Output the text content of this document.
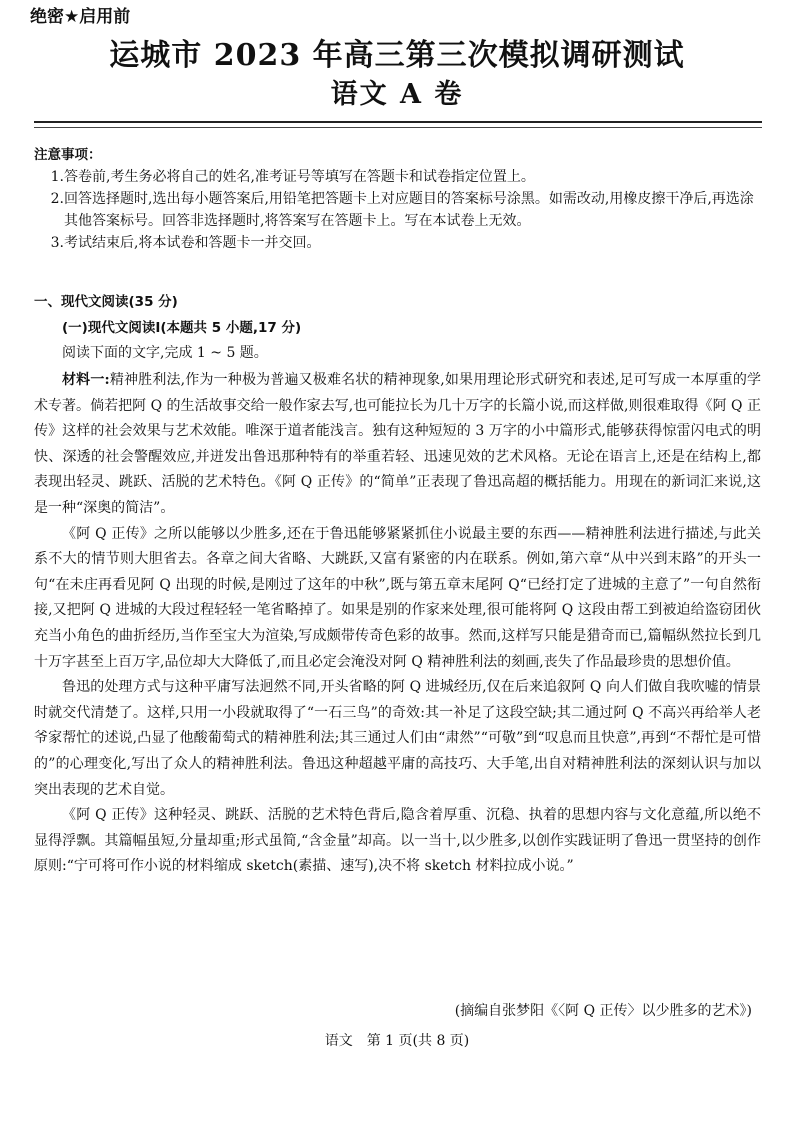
绝密★启用前
运城市 2023 年高三第三次模拟调研测试
语文 A 卷
注意事项：
1.答卷前,考生务必将自己的姓名,准考证号等填写在答题卡和试卷指定位置上。
2.回答选择题时,选出每小题答案后,用铅笔把答题卡上对应题目的答案标号涂黑。如需改动,用橡皮擦干净后,再选涂其他答案标号。回答非选择题时,将答案写在答题卡上。写在本试卷上无效。
3.考试结束后,将本试卷和答题卡一并交回。
一、现代文阅读(35 分)
(一)现代文阅读Ⅰ(本题共 5 小题,17 分)
阅读下面的文字,完成 1 ~ 5 题。

材料一:精神胜利法,作为一种极为普遍又极难名状的精神现象,如果用理论形式研究和表述,足可写成一本厚重的学术专著。倘若把阿 Q 的生活故事交给一般作家去写,也可能拉长为几十万字的长篇小说,而这样做,则很难取得《阿 Q 正传》这样的社会效果与艺术效能。唯深于道者能浅言。独有这种短短的 3 万字的小中篇形式,能够获得惊雷闪电式的明快、深透的社会警醒效应,并迸发出鲁迅那种特有的举重若轻、迅速见效的艺术风格。无论在语言上,还是在结构上,都表现出轻灵、跳跃、活脱的艺术特色。《阿 Q 正传》的“简单”正表现了鲁迅高超的概括能力。用现在的新词汇来说,这是一种“深奥的简洁”。

《阿 Q 正传》之所以能够以少胜多,还在于鲁迅能够紧紧抓住小说最主要的东西——精神胜利法进行描述,与此关系不大的情节则大胆省去。各章之间大省略、大跳跃,又富有紧密的内在联系。例如,第六章“从中兴到末路”的开头一句“在未庄再看见阿 Q 出现的时候,是刚过了这年的中秋”,既与第五章末尾阿 Q“已经打定了进城的主意了”一句自然衔接,又把阿 Q 进城的大段过程轻轻一笔省略掉了。如果是别的作家来处理,很可能将阿 Q 这段由帮工到被迫给盗窃团伙充当小角色的曲折经历,当作至宝大为渲染,写成颇带传奇色彩的故事。然而,这样写只能是猎奇而已,篇幅纵然拉长到几十万字甚至上百万字,品位却大大降低了,而且必定会淹没对阿 Q 精神胜利法的刻画,丧失了作品最珍贵的思想价值。

鲁迅的处理方式与这种平庸写法迥然不同,开头省略的阿 Q 进城经历,仅在后来追叙阿 Q 向人们做自我吹嘘的情景时就交代清楚了。这样,只用一小段就取得了“一石三鸟”的奇效:其一补足了这段空缺;其二通过阿 Q 不高兴再给举人老爷家帮忙的述说,凸显了他酸葡萄式的精神胜利法;其三通过人们由“肃然”“可敬”到“叹息而且快意”,再到“不帮忙是可惜的”的心理变化,写出了众人的精神胜利法。鲁迅这种超越平庸的高技巧、大手笔,出自对精神胜利法的深刻认识与加以突出表现的艺术自觉。

《阿 Q 正传》这种轻灵、跳跃、活脱的艺术特色背后,隐含着厚重、沉稳、执着的思想内容与文化意蕴,所以绝不显得浮飘。其篇幅虽短,分量却重;形式虽简,“含金量”却高。以一当十,以少胜多,以创作实践证明了鲁迅一贯坚持的创作原则:“宁可将可作小说的材料缩成 sketch(素描、速写),决不将 sketch 材料拉成小说。”

(摘编自张梦阳《〈阿 Q 正传〉以少胜多的艺术》)
语文　第 1 页(共 8 页)
